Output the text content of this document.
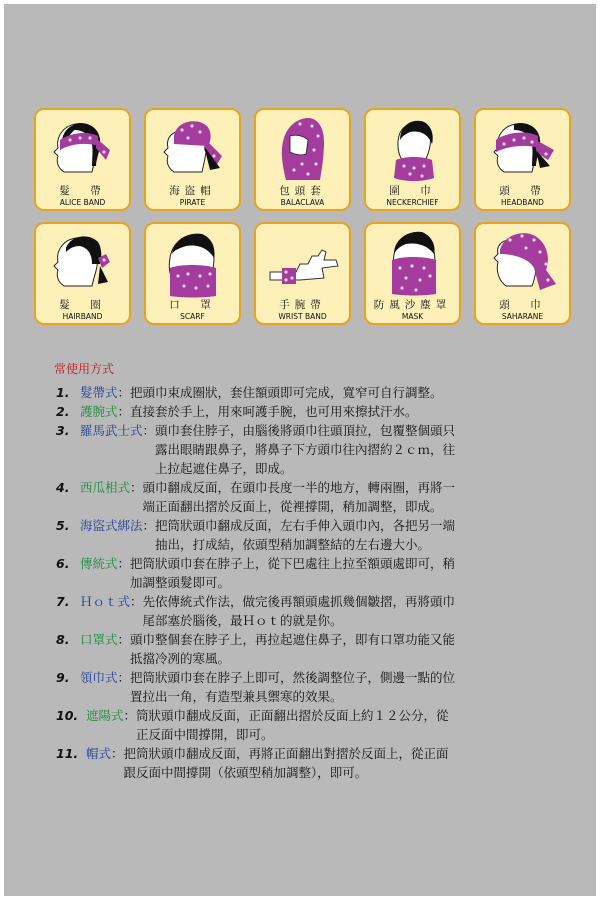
髮　帶
ALICE BAND
海盜帽
PIRATE
包頭套
BALACLAVA
圍　巾
NECKERCHIEF
頭　帶
HEADBAND
髮　圈
HAIRBAND
口　罩
SCARF
手腕帶
WRIST BAND
防風沙塵罩
MASK
頭　巾
SAHARANE
常使用方式
1. 髮帶式 ： 把頭巾束成圈狀，套住額頭即可完成，寬窄可自行調整。
2. 護腕式 ： 直接套於手上，用來呵護手腕，也可用來擦拭汗水。
3. 羅馬武士式 ： 頭巾套住脖子，由腦後將頭巾往頭頂拉，包覆整個頭只
露出眼睛跟鼻子，將鼻子下方頭巾往內摺約２ｃｍ，往
上拉起遮住鼻子，即成。
4. 西瓜相式 ： 頭巾翻成反面，在頭巾長度一半的地方，轉兩圈，再將一
端正面翻出摺於反面上，從裡撐開，稍加調整，即成。
5. 海盜式綁法 ： 把筒狀頭巾翻成反面，左右手伸入頭巾內，各把另一端
抽出，打成結，依頭型稍加調整結的左右邊大小。
6. 傳統式 ： 把筒狀頭巾套在脖子上，從下巴處往上拉至額頭處即可，稍
加調整頭髮即可。
7. Ｈｏｔ式 ： 先依傳統式作法，做完後再額頭處抓幾個皺摺，再將頭巾
尾部塞於腦後，最Ｈｏｔ的就是你。
8. 口罩式 ： 頭巾整個套在脖子上，再拉起遮住鼻子，即有口罩功能又能
抵擋冷冽的寒風。
9. 領巾式 ： 把筒狀頭巾套在脖子上即可，然後調整位子，側邊一點的位
置拉出一角，有造型兼具禦寒的效果。
10. 遮陽式 ： 筒狀頭巾翻成反面，正面翻出摺於反面上約１２公分，從
正反面中間撐開，即可。
11. 帽式 ： 把筒狀頭巾翻成反面，再將正面翻出對摺於反面上，從正面
跟反面中間撐開（依頭型稍加調整），即可。
